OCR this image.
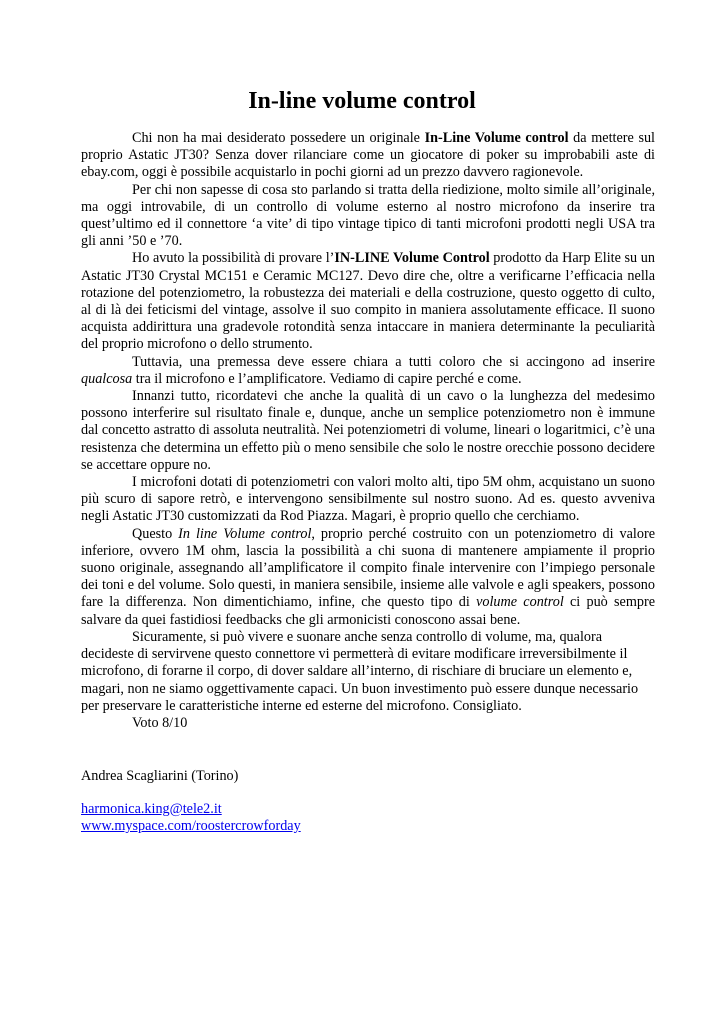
In-line volume control

Chi non ha mai desiderato possedere un originale In-Line Volume control da mettere sul proprio Astatic JT30? Senza dover rilanciare come un giocatore di poker su improbabili aste di ebay.com, oggi è possibile acquistarlo in pochi giorni ad un prezzo davvero ragionevole.

Per chi non sapesse di cosa sto parlando si tratta della riedizione, molto simile all’originale, ma oggi introvabile, di un controllo di volume esterno al nostro microfono da inserire tra quest’ultimo ed il connettore ‘a vite’ di tipo vintage tipico di tanti microfoni prodotti negli USA tra gli anni ’50 e ’70.

Ho avuto la possibilità di provare l’IN-LINE Volume Control prodotto da Harp Elite su un Astatic JT30 Crystal MC151 e Ceramic MC127. Devo dire che, oltre a verificarne l’efficacia nella rotazione del potenziometro, la robustezza dei materiali e della costruzione, questo oggetto di culto, al di là dei feticismi del vintage, assolve il suo compito in maniera assolutamente efficace. Il suono acquista addirittura una gradevole rotondità senza intaccare in maniera determinante la peculiarità del proprio microfono o dello strumento.

Tuttavia, una premessa deve essere chiara a tutti coloro che si accingono ad inserire qualcosa tra il microfono e l’amplificatore. Vediamo di capire perché e come.

Innanzi tutto, ricordatevi che anche la qualità di un cavo o la lunghezza del medesimo possono interferire sul risultato finale e, dunque, anche un semplice potenziometro non è immune dal concetto astratto di assoluta neutralità. Nei potenziometri di volume, lineari o logaritmici, c’è una resistenza che determina un effetto più o meno sensibile che solo le nostre orecchie possono decidere se accettare oppure no.

I microfoni dotati di potenziometri con valori molto alti, tipo 5M ohm, acquistano un suono più scuro di sapore retrò, e intervengono sensibilmente sul nostro suono. Ad es. questo avveniva negli Astatic JT30 customizzati da Rod Piazza. Magari, è proprio quello che cerchiamo.

Questo In line Volume control, proprio perché costruito con un potenziometro di valore inferiore, ovvero 1M ohm, lascia la possibilità a chi suona di mantenere ampiamente il proprio suono originale, assegnando all’amplificatore il compito finale intervenire con l’impiego personale dei toni e del volume. Solo questi, in maniera sensibile, insieme alle valvole e agli speakers, possono fare la differenza. Non dimentichiamo, infine, che questo tipo di volume control ci può sempre salvare da quei fastidiosi feedbacks che gli armonicisti conoscono assai bene.

Sicuramente, si può vivere e suonare anche senza controllo di volume, ma, qualora decideste di servirvene questo connettore vi permetterà di evitare modificare irreversibilmente il microfono, di forarne il corpo, di dover saldare all’interno, di rischiare di bruciare un elemento e, magari, non ne siamo oggettivamente capaci. Un buon investimento può essere dunque necessario per preservare le caratteristiche interne ed esterne del microfono. Consigliato.

Voto 8/10

Andrea Scagliarini (Torino)
harmonica.king@tele2.it
www.myspace.com/roostercrowforday
